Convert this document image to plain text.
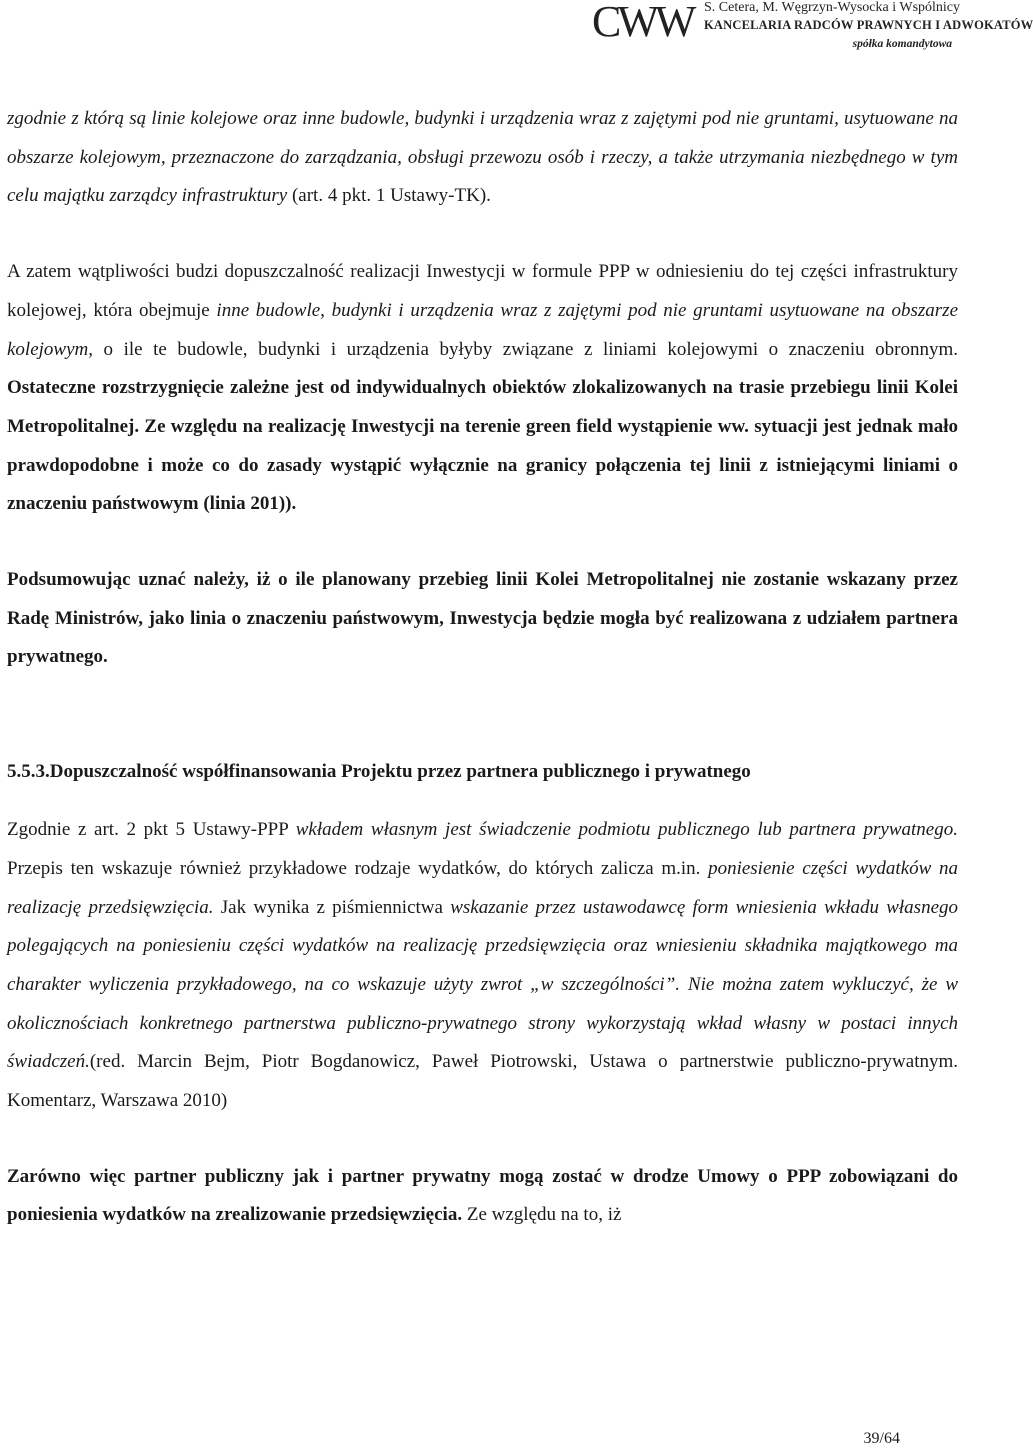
CWW S. Cetera, M. Węgrzyn-Wysocka i Wspólnicy
KANCELARIA RADCÓW PRAWNYCH I ADWOKATÓW
spółka komandytowa

zgodnie z którą są linie kolejowe oraz inne budowle, budynki i urządzenia wraz z zajętymi pod nie gruntami, usytuowane na obszarze kolejowym, przeznaczone do zarządzania, obsługi przewozu osób i rzeczy, a także utrzymania niezbędnego w tym celu majątku zarządcy infrastruktury (art. 4 pkt. 1 Ustawy-TK).

A zatem wątpliwości budzi dopuszczalność realizacji Inwestycji w formule PPP w odniesieniu do tej części infrastruktury kolejowej, która obejmuje inne budowle, budynki i urządzenia wraz z zajętymi pod nie gruntami usytuowane na obszarze kolejowym, o ile te budowle, budynki i urządzenia byłyby związane z liniami kolejowymi o znaczeniu obronnym. Ostateczne rozstrzygnięcie zależne jest od indywidualnych obiektów zlokalizowanych na trasie przebiegu linii Kolei Metropolitalnej. Ze względu na realizację Inwestycji na terenie green field wystąpienie ww. sytuacji jest jednak mało prawdopodobne i może co do zasady wystąpić wyłącznie na granicy połączenia tej linii z istniejącymi liniami o znaczeniu państwowym (linia 201)).

Podsumowując uznać należy, iż o ile planowany przebieg linii Kolei Metropolitalnej nie zostanie wskazany przez Radę Ministrów, jako linia o znaczeniu państwowym, Inwestycja będzie mogła być realizowana z udziałem partnera prywatnego.

5.5.3.Dopuszczalność współfinansowania Projektu przez partnera publicznego i prywatnego

Zgodnie z art. 2 pkt 5 Ustawy-PPP wkładem własnym jest świadczenie podmiotu publicznego lub partnera prywatnego. Przepis ten wskazuje również przykładowe rodzaje wydatków, do których zalicza m.in. poniesienie części wydatków na realizację przedsięwzięcia. Jak wynika z piśmiennictwa wskazanie przez ustawodawcę form wniesienia wkładu własnego polegających na poniesieniu części wydatków na realizację przedsięwzięcia oraz wniesieniu składnika majątkowego ma charakter wyliczenia przykładowego, na co wskazuje użyty zwrot „w szczególności”. Nie można zatem wykluczyć, że w okolicznościach konkretnego partnerstwa publiczno-prywatnego strony wykorzystają wkład własny w postaci innych świadczeń.(red. Marcin Bejm, Piotr Bogdanowicz, Paweł Piotrowski, Ustawa o partnerstwie publiczno-prywatnym. Komentarz, Warszawa 2010)

Zarówno więc partner publiczny jak i partner prywatny mogą zostać w drodze Umowy o PPP zobowiązani do poniesienia wydatków na zrealizowanie przedsięwzięcia. Ze względu na to, iż

39/64
